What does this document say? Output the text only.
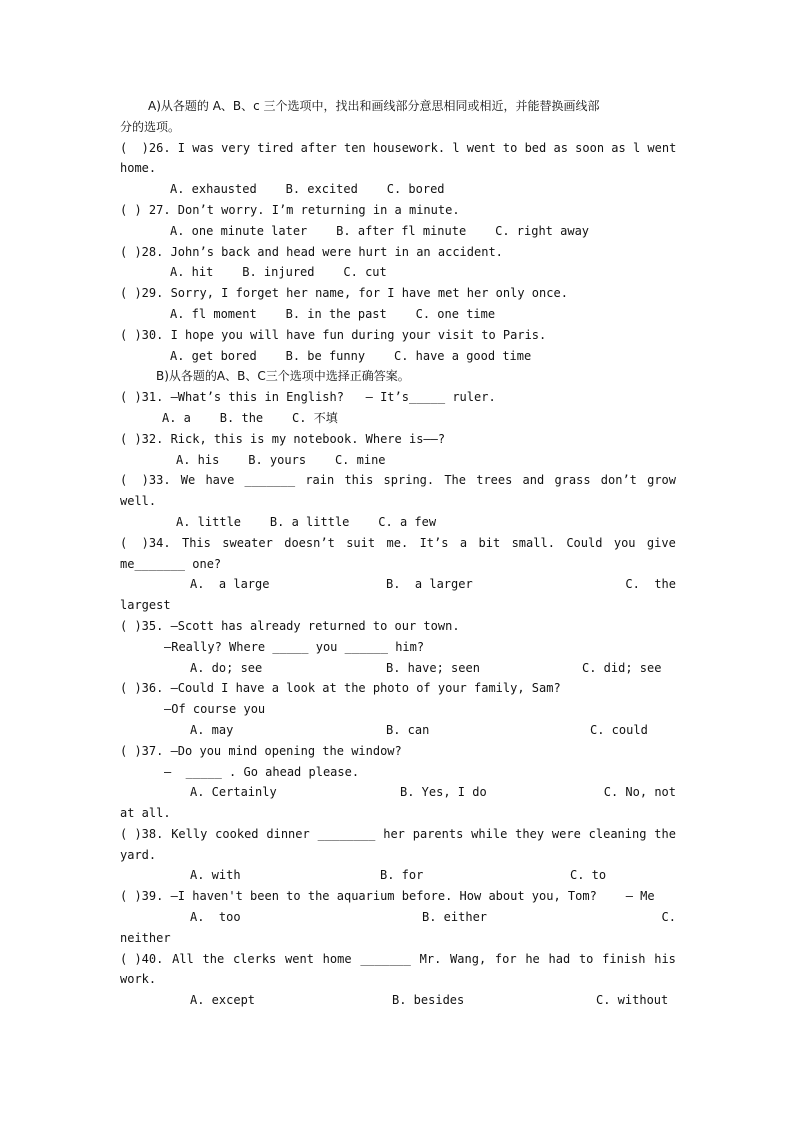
A)从各题的 A、B、c 三个选项中，找出和画线部分意思相同或相近，并能替换画线部
分的选项。
(  )26. I was very tired after ten housework. l went to bed as soon as l went
home.
A. exhausted    B. excited    C. bored
( ) 27. Don’t worry. I’m returning in a minute.
A. one minute later    B. after fl minute    C. right away
( )28. John’s back and head were hurt in an accident.
A. hit    B. injured    C. cut
( )29. Sorry, I forget her name, for I have met her only once.
A. fl moment    B. in the past    C. one time
( )30. I hope you will have fun during your visit to Paris.
A. get bored    B. be funny    C. have a good time
B)从各题的A、B、C三个选项中选择正确答案。
( )31. —What’s this in English?   — It’s_____ ruler.
A. a    B. the    C. 不填
( )32. Rick, this is my notebook. Where is——?
A. his    B. yours    C. mine
(  )33. We have _______ rain this spring. The trees and grass don’t grow
well.
A. little    B. a little    C. a few
(  )34. This sweater doesn’t suit me. It’s a bit small. Could you give
me_______ one?
A.  a large	B.  a larger	C.  the
largest
( )35. —Scott has already returned to our town.
—Really? Where _____ you ______ him?
A. do; see	B. have; seen	C. did; see
( )36. —Could I have a look at the photo of your family, Sam?
—Of course you
A. may	B. can	C. could
( )37. —Do you mind opening the window?
—  _____ . Go ahead please.
A. Certainly	B. Yes, I do	C. No, not
at all.
( )38. Kelly cooked dinner ________ her parents while they were cleaning the
yard.
A. with	B. for	C. to
( )39. —I haven't been to the aquarium before. How about you, Tom?    — Me
A.  too	B. either	C.
neither
( )40. All the clerks went home _______ Mr. Wang, for he had to finish his
work.
A. except	B. besides	C. without
